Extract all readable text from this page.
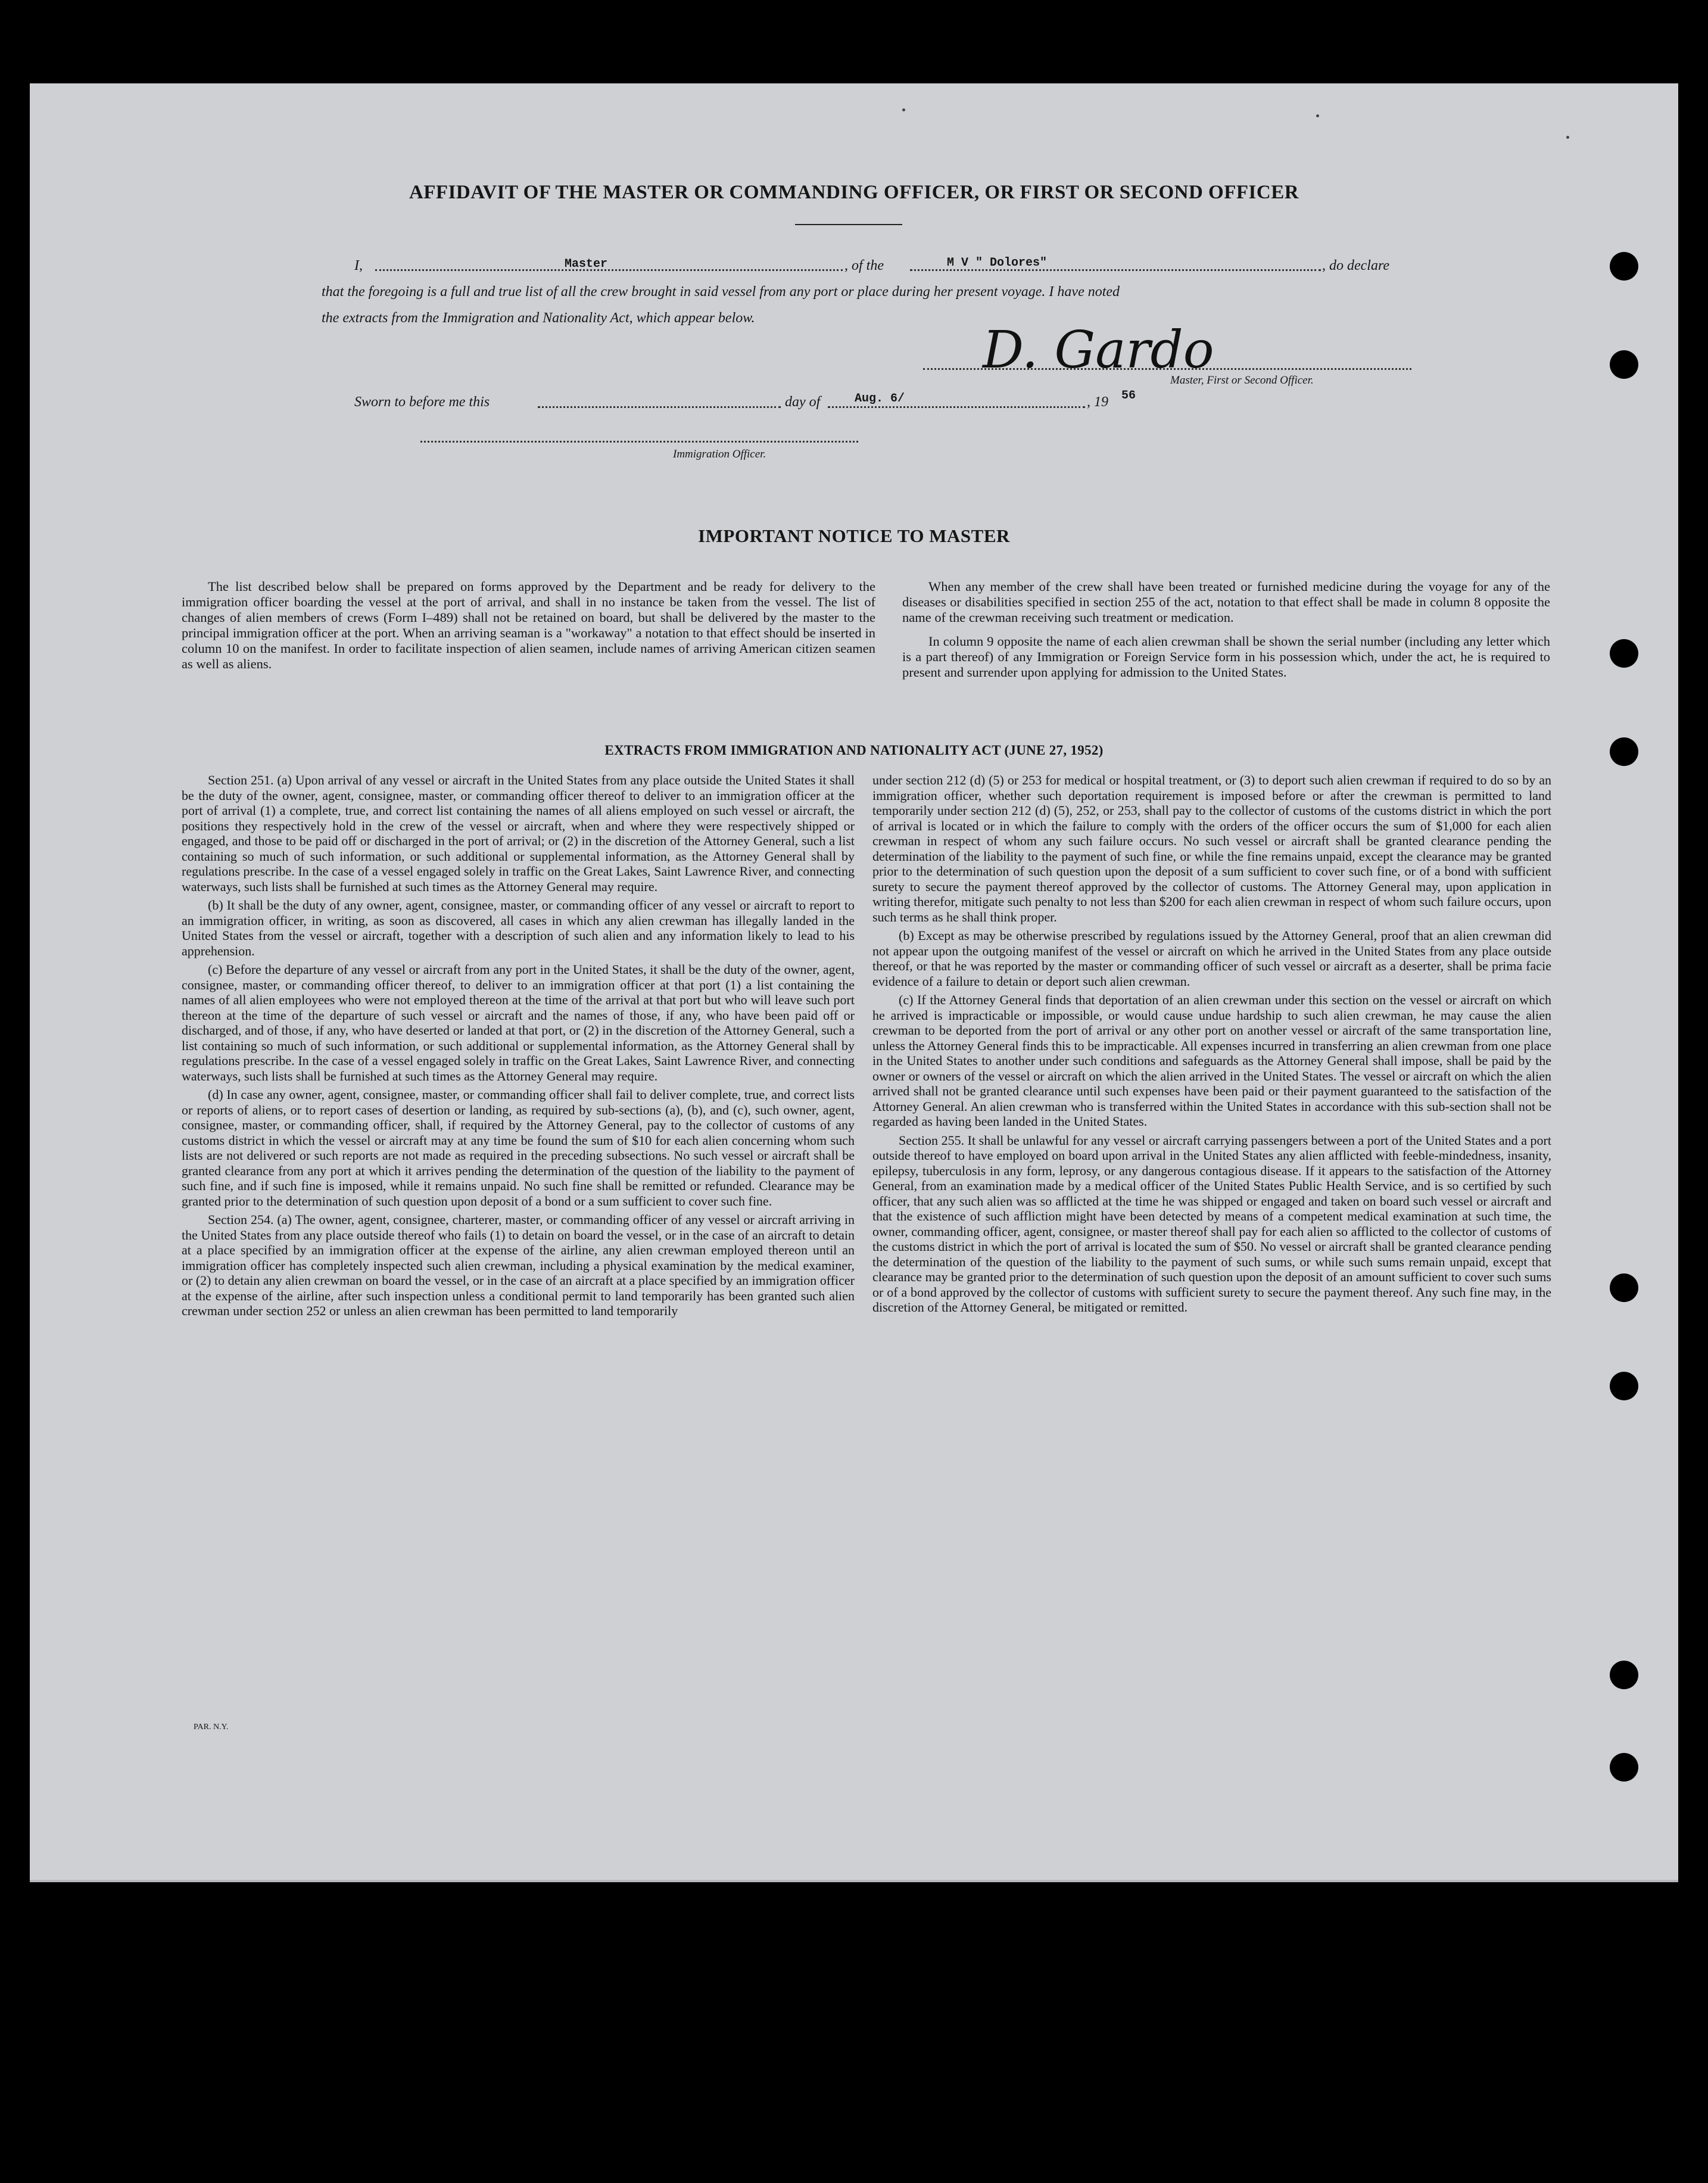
AFFIDAVIT OF THE MASTER OR COMMANDING OFFICER, OR FIRST OR SECOND OFFICER
I,	Master	, of the	M V " Dolores"	, do declare
that the foregoing is a full and true list of all the crew brought in said vessel from any port or place during her present voyage. I have noted
the extracts from the Immigration and Nationality Act, which appear below.
D. Gardo
Master, First or Second Officer.
Sworn to before me this	day of	Aug. 6/	, 19 56
Immigration Officer.
IMPORTANT NOTICE TO MASTER

The list described below shall be prepared on forms approved by the Department and be ready for delivery to the immigration officer boarding the vessel at the port of arrival, and shall in no instance be taken from the vessel. The list of changes of alien members of crews (Form I–489) shall not be retained on board, but shall be delivered by the master to the principal immigration officer at the port. When an arriving seaman is a "workaway" a notation to that effect should be inserted in column 10 on the manifest. In order to facilitate inspection of alien seamen, include names of arriving American citizen seamen as well as aliens.

When any member of the crew shall have been treated or furnished medicine during the voyage for any of the diseases or disabilities specified in section 255 of the act, notation to that effect shall be made in column 8 opposite the name of the crewman receiving such treatment or medication.

In column 9 opposite the name of each alien crewman shall be shown the serial number (including any letter which is a part thereof) of any Immigration or Foreign Service form in his possession which, under the act, he is required to present and surrender upon applying for admission to the United States.

EXTRACTS FROM IMMIGRATION AND NATIONALITY ACT (JUNE 27, 1952)

Section 251. (a) Upon arrival of any vessel or aircraft in the United States from any place outside the United States it shall be the duty of the owner, agent, consignee, master, or commanding officer thereof to deliver to an immigration officer at the port of arrival (1) a complete, true, and correct list containing the names of all aliens employed on such vessel or aircraft, the positions they respectively hold in the crew of the vessel or aircraft, when and where they were respectively shipped or engaged, and those to be paid off or discharged in the port of arrival; or (2) in the discretion of the Attorney General, such a list containing so much of such information, or such additional or supplemental information, as the Attorney General shall by regulations prescribe. In the case of a vessel engaged solely in traffic on the Great Lakes, Saint Lawrence River, and connecting waterways, such lists shall be furnished at such times as the Attorney General may require.

(b) It shall be the duty of any owner, agent, consignee, master, or commanding officer of any vessel or aircraft to report to an immigration officer, in writing, as soon as discovered, all cases in which any alien crewman has illegally landed in the United States from the vessel or aircraft, together with a description of such alien and any information likely to lead to his apprehension.

(c) Before the departure of any vessel or aircraft from any port in the United States, it shall be the duty of the owner, agent, consignee, master, or commanding officer thereof, to deliver to an immigration officer at that port (1) a list containing the names of all alien employees who were not employed thereon at the time of the arrival at that port but who will leave such port thereon at the time of the departure of such vessel or aircraft and the names of those, if any, who have been paid off or discharged, and of those, if any, who have deserted or landed at that port, or (2) in the discretion of the Attorney General, such a list containing so much of such information, or such additional or supplemental information, as the Attorney General shall by regulations prescribe. In the case of a vessel engaged solely in traffic on the Great Lakes, Saint Lawrence River, and connecting waterways, such lists shall be furnished at such times as the Attorney General may require.

(d) In case any owner, agent, consignee, master, or commanding officer shall fail to deliver complete, true, and correct lists or reports of aliens, or to report cases of desertion or landing, as required by sub-sections (a), (b), and (c), such owner, agent, consignee, master, or commanding officer, shall, if required by the Attorney General, pay to the collector of customs of any customs district in which the vessel or aircraft may at any time be found the sum of $10 for each alien concerning whom such lists are not delivered or such reports are not made as required in the preceding subsections. No such vessel or aircraft shall be granted clearance from any port at which it arrives pending the determination of the question of the liability to the payment of such fine, and if such fine is imposed, while it remains unpaid. No such fine shall be remitted or refunded. Clearance may be granted prior to the determination of such question upon deposit of a bond or a sum sufficient to cover such fine.

Section 254. (a) The owner, agent, consignee, charterer, master, or commanding officer of any vessel or aircraft arriving in the United States from any place outside thereof who fails (1) to detain on board the vessel, or in the case of an aircraft to detain at a place specified by an immigration officer at the expense of the airline, any alien crewman employed thereon until an immigration officer has completely inspected such alien crewman, including a physical examination by the medical examiner, or (2) to detain any alien crewman on board the vessel, or in the case of an aircraft at a place specified by an immigration officer at the expense of the airline, after such inspection unless a conditional permit to land temporarily has been granted such alien crewman under section 252 or unless an alien crewman has been permitted to land temporarily

under section 212 (d) (5) or 253 for medical or hospital treatment, or (3) to deport such alien crewman if required to do so by an immigration officer, whether such deportation requirement is imposed before or after the crewman is permitted to land temporarily under section 212 (d) (5), 252, or 253, shall pay to the collector of customs of the customs district in which the port of arrival is located or in which the failure to comply with the orders of the officer occurs the sum of $1,000 for each alien crewman in respect of whom any such failure occurs. No such vessel or aircraft shall be granted clearance pending the determination of the liability to the payment of such fine, or while the fine remains unpaid, except the clearance may be granted prior to the determination of such question upon the deposit of a sum sufficient to cover such fine, or of a bond with sufficient surety to secure the payment thereof approved by the collector of customs. The Attorney General may, upon application in writing therefor, mitigate such penalty to not less than $200 for each alien crewman in respect of whom such failure occurs, upon such terms as he shall think proper.

(b) Except as may be otherwise prescribed by regulations issued by the Attorney General, proof that an alien crewman did not appear upon the outgoing manifest of the vessel or aircraft on which he arrived in the United States from any place outside thereof, or that he was reported by the master or commanding officer of such vessel or aircraft as a deserter, shall be prima facie evidence of a failure to detain or deport such alien crewman.

(c) If the Attorney General finds that deportation of an alien crewman under this section on the vessel or aircraft on which he arrived is impracticable or impossible, or would cause undue hardship to such alien crewman, he may cause the alien crewman to be deported from the port of arrival or any other port on another vessel or aircraft of the same transportation line, unless the Attorney General finds this to be impracticable. All expenses incurred in transferring an alien crewman from one place in the United States to another under such conditions and safeguards as the Attorney General shall impose, shall be paid by the owner or owners of the vessel or aircraft on which the alien arrived in the United States. The vessel or aircraft on which the alien arrived shall not be granted clearance until such expenses have been paid or their payment guaranteed to the satisfaction of the Attorney General. An alien crewman who is transferred within the United States in accordance with this sub-section shall not be regarded as having been landed in the United States.

Section 255. It shall be unlawful for any vessel or aircraft carrying passengers between a port of the United States and a port outside thereof to have employed on board upon arrival in the United States any alien afflicted with feeble-mindedness, insanity, epilepsy, tuberculosis in any form, leprosy, or any dangerous contagious disease. If it appears to the satisfaction of the Attorney General, from an examination made by a medical officer of the United States Public Health Service, and is so certified by such officer, that any such alien was so afflicted at the time he was shipped or engaged and taken on board such vessel or aircraft and that the existence of such affliction might have been detected by means of a competent medical examination at such time, the owner, commanding officer, agent, consignee, or master thereof shall pay for each alien so afflicted to the collector of customs of the customs district in which the port of arrival is located the sum of $50. No vessel or aircraft shall be granted clearance pending the determination of the question of the liability to the payment of such sums, or while such sums remain unpaid, except that clearance may be granted prior to the determination of such question upon the deposit of an amount sufficient to cover such sums or of a bond approved by the collector of customs with sufficient surety to secure the payment thereof. Any such fine may, in the discretion of the Attorney General, be mitigated or remitted.

PAR. N.Y.
